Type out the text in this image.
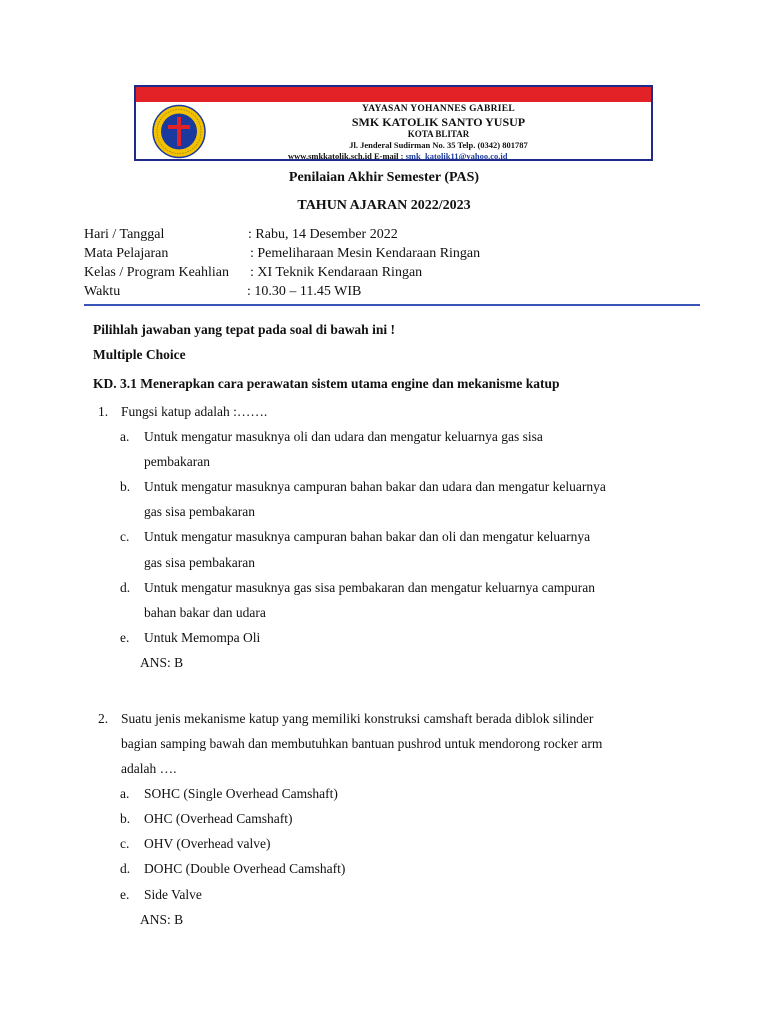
YAYASAN YOHANNES GABRIEL
SMK KATOLIK SANTO YUSUP
KOTA BLITAR
Jl. Jenderal Sudirman No. 35 Telp. (0342) 801787
www.smkkatolik.sch.id E-mail : smk_katolik11@yahoo.co.id
Penilaian Akhir Semester (PAS)
TAHUN AJARAN 2022/2023
Hari / Tanggal	: Rabu, 14 Desember 2022
Mata Pelajaran	: Pemeliharaan Mesin Kendaraan Ringan
Kelas / Program Keahlian : XI Teknik Kendaraan Ringan
Waktu	: 10.30 – 11.45 WIB
Pilihlah jawaban yang tepat pada soal di bawah ini !
Multiple Choice
KD. 3.1 Menerapkan cara perawatan sistem utama engine dan mekanisme katup
1. Fungsi katup adalah :…….
a. Untuk mengatur masuknya oli dan udara dan mengatur keluarnya gas sisa
pembakaran
b. Untuk mengatur masuknya campuran bahan bakar dan udara dan mengatur keluarnya
gas sisa pembakaran
c. Untuk mengatur masuknya campuran bahan bakar dan oli dan mengatur keluarnya
gas sisa pembakaran
d. Untuk mengatur masuknya gas sisa pembakaran dan mengatur keluarnya campuran
bahan bakar dan udara
e. Untuk Memompa Oli
ANS: B
2. Suatu jenis mekanisme katup yang memiliki konstruksi camshaft berada diblok silinder
bagian samping bawah dan membutuhkan bantuan pushrod untuk mendorong rocker arm
adalah ….
a. SOHC (Single Overhead Camshaft)
b. OHC (Overhead Camshaft)
c. OHV (Overhead valve)
d. DOHC (Double Overhead Camshaft)
e. Side Valve
ANS: B
